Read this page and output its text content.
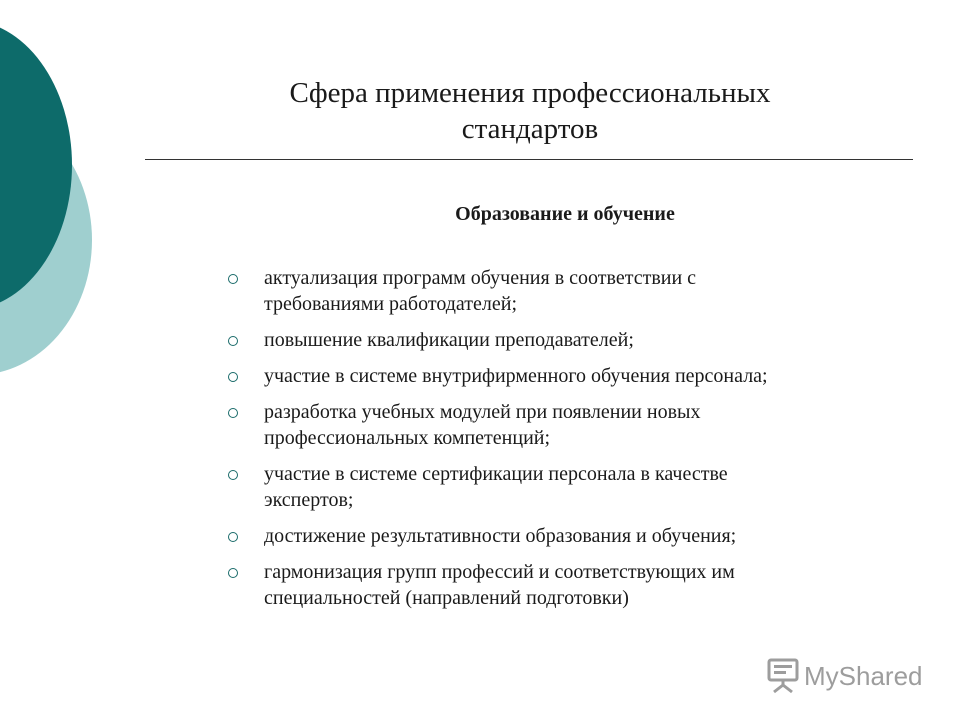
Сфера применения профессиональных
стандартов
Образование и обучение
актуализация программ обучения в соответствии с
требованиями работодателей;
повышение квалификации преподавателей;
участие в системе внутрифирменного обучения персонала;
разработка учебных модулей при появлении новых
профессиональных компетенций;
участие в системе сертификации персонала в качестве
экспертов;
достижение результативности образования и обучения;
гармонизация групп профессий и соответствующих им
специальностей (направлений подготовки)
MyShared
